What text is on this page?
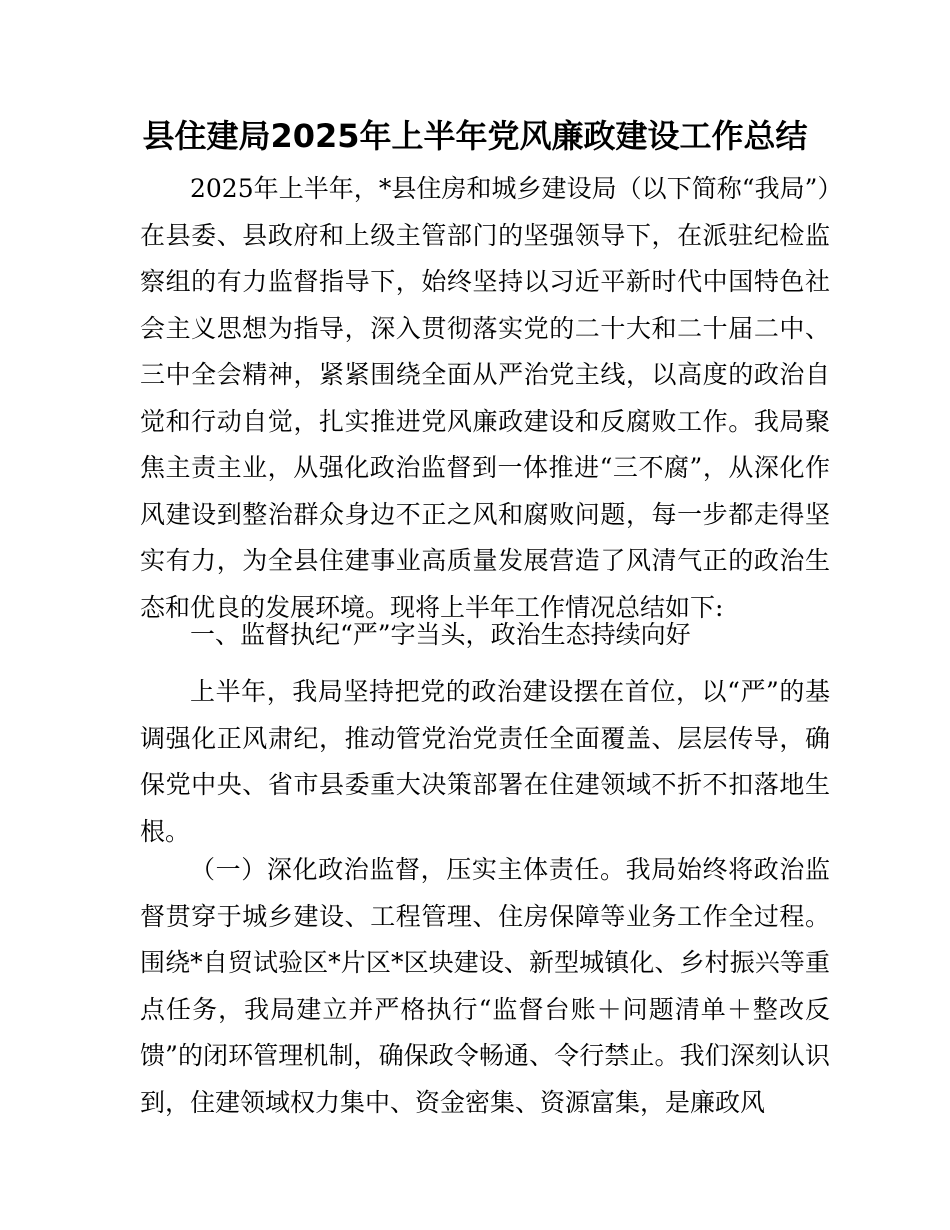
县住建局2025年上半年党风廉政建设工作总结

2025年上半年，*县住房和城乡建设局（以下简称“我局”）在县委、县政府和上级主管部门的坚强领导下，在派驻纪检监察组的有力监督指导下，始终坚持以习近平新时代中国特色社会主义思想为指导，深入贯彻落实党的二十大和二十届二中、三中全会精神，紧紧围绕全面从严治党主线，以高度的政治自觉和行动自觉，扎实推进党风廉政建设和反腐败工作。我局聚焦主责主业，从强化政治监督到一体推进“三不腐”，从深化作风建设到整治群众身边不正之风和腐败问题，每一步都走得坚实有力，为全县住建事业高质量发展营造了风清气正的政治生态和优良的发展环境。现将上半年工作情况总结如下:

一、监督执纪“严”字当头，政治生态持续向好

上半年，我局坚持把党的政治建设摆在首位，以“严”的基调强化正风肃纪，推动管党治党责任全面覆盖、层层传导，确保党中央、省市县委重大决策部署在住建领域不折不扣落地生根。

（一）深化政治监督，压实主体责任。我局始终将政治监督贯穿于城乡建设、工程管理、住房保障等业务工作全过程。围绕*自贸试验区*片区*区块建设、新型城镇化、乡村振兴等重点任务，我局建立并严格执行“监督台账＋问题清单＋整改反馈”的闭环管理机制，确保政令畅通、令行禁止。我们深刻认识到，住建领域权力集中、资金密集、资源富集，是廉政风
